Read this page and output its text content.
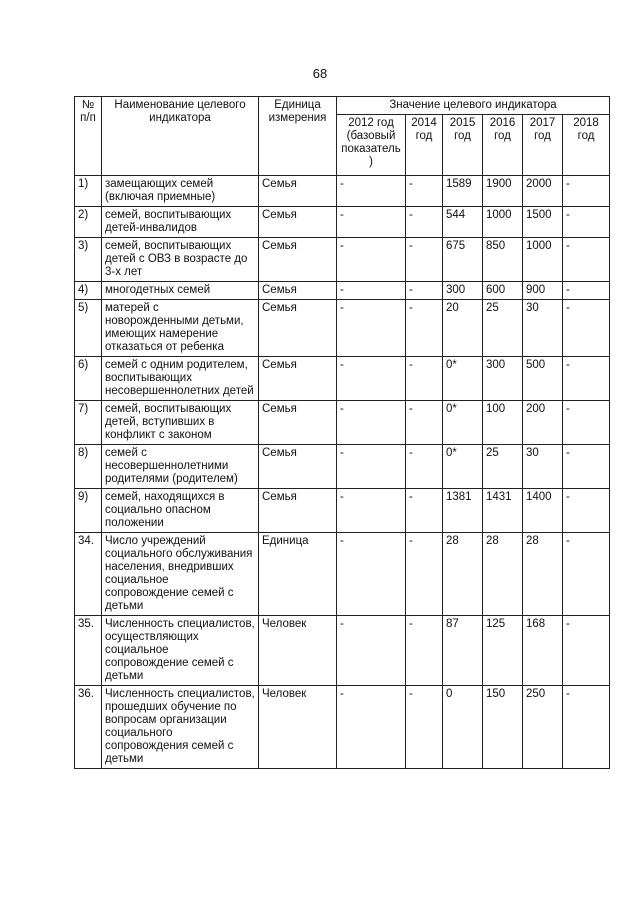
68
№ п/п	Наименование целевого индикатора	Единица измерения	Значение целевого индикатора					
			2012 год (базовый показатель)	2014 год	2015 год	2016 год	2017 год	2018 год
1)	замещающих семей (включая приемные)	Семья	-	-	1589	1900	2000	-
2)	семей, воспитывающих детей-инвалидов	Семья	-	-	544	1000	1500	-
3)	семей, воспитывающих детей с ОВЗ в возрасте до 3-х лет	Семья	-	-	675	850	1000	-
4)	многодетных семей	Семья	-	-	300	600	900	-
5)	матерей с новорожденными детьми, имеющих намерение отказаться от ребенка	Семья	-	-	20	25	30	-
6)	семей с одним родителем, воспитывающих несовершеннолетних детей	Семья	-	-	0*	300	500	-
7)	семей, воспитывающих детей, вступивших в конфликт с законом	Семья	-	-	0*	100	200	-
8)	семей с несовершеннолетними родителями (родителем)	Семья	-	-	0*	25	30	-
9)	семей, находящихся в социально опасном положении	Семья	-	-	1381	1431	1400	-
34.	Число учреждений социального обслуживания населения, внедривших социальное сопровождение семей с детьми	Единица	-	-	28	28	28	-
35.	Численность специалистов, осуществляющих социальное сопровождение семей с детьми	Человек	-	-	87	125	168	-
36.	Численность специалистов, прошедших обучение по вопросам организации социального сопровождения семей с детьми	Человек	-	-	0	150	250	-
